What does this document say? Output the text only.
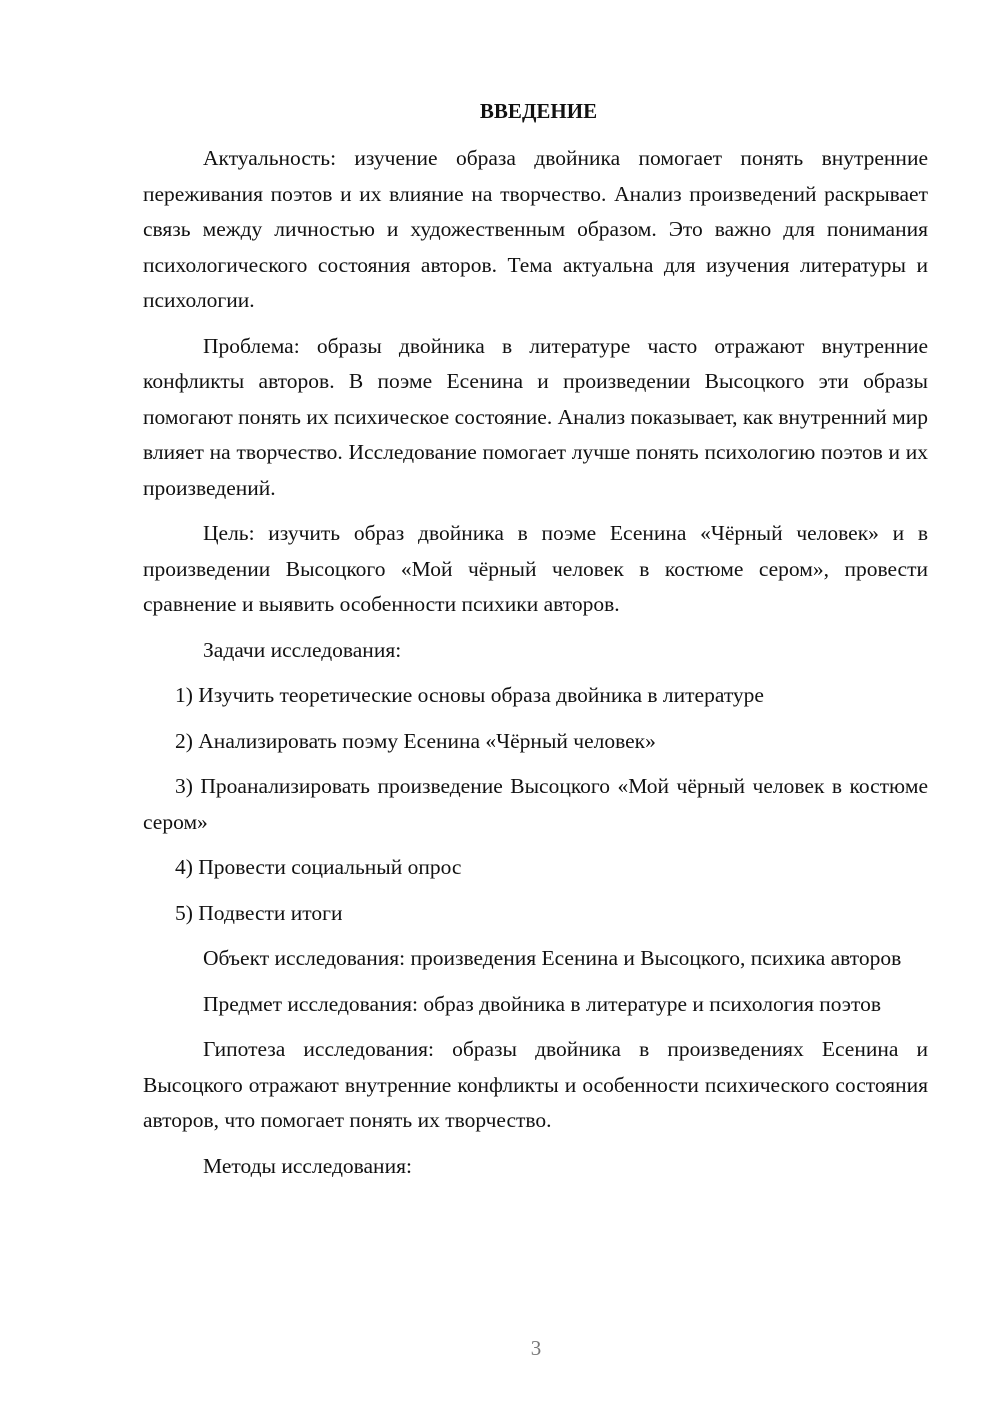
ВВЕДЕНИЕ

Актуальность: изучение образа двойника помогает понять внутренние переживания поэтов и их влияние на творчество. Анализ произведений раскрывает связь между личностью и художественным образом. Это важно для понимания психологического состояния авторов. Тема актуальна для изучения литературы и психологии.

Проблема: образы двойника в литературе часто отражают внутренние конфликты авторов. В поэме Есенина и произведении Высоцкого эти образы помогают понять их психическое состояние. Анализ показывает, как внутренний мир влияет на творчество. Исследование помогает лучше понять психологию поэтов и их произведений.

Цель: изучить образ двойника в поэме Есенина «Чёрный человек» и в произведении Высоцкого «Мой чёрный человек в костюме сером», провести сравнение и выявить особенности психики авторов.

Задачи исследования:

1) Изучить теоретические основы образа двойника в литературе

2) Анализировать поэму Есенина «Чёрный человек»

3) Проанализировать произведение Высоцкого «Мой чёрный человек в костюме сером»

4) Провести социальный опрос

5) Подвести итоги

Объект исследования: произведения Есенина и Высоцкого, психика авторов

Предмет исследования: образ двойника в литературе и психология поэтов

Гипотеза исследования: образы двойника в произведениях Есенина и Высоцкого отражают внутренние конфликты и особенности психического состояния авторов, что помогает понять их творчество.

Методы исследования:

3
